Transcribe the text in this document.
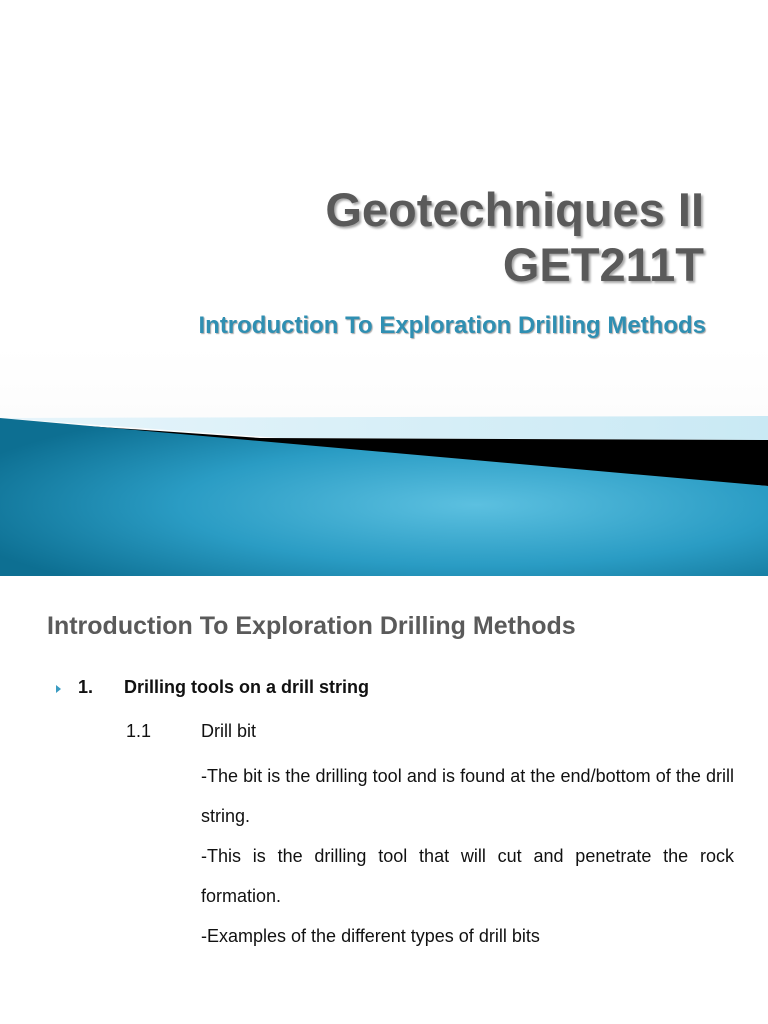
Geotechniques II
GET211T
Introduction To Exploration Drilling Methods
Introduction To Exploration Drilling Methods
1. Drilling tools on a drill string
1.1	Drill bit
-The bit is the drilling tool and is found at the end/bottom of the drill string.
-This is the drilling tool that will cut and penetrate the rock formation.
-Examples of the different types of drill bits
